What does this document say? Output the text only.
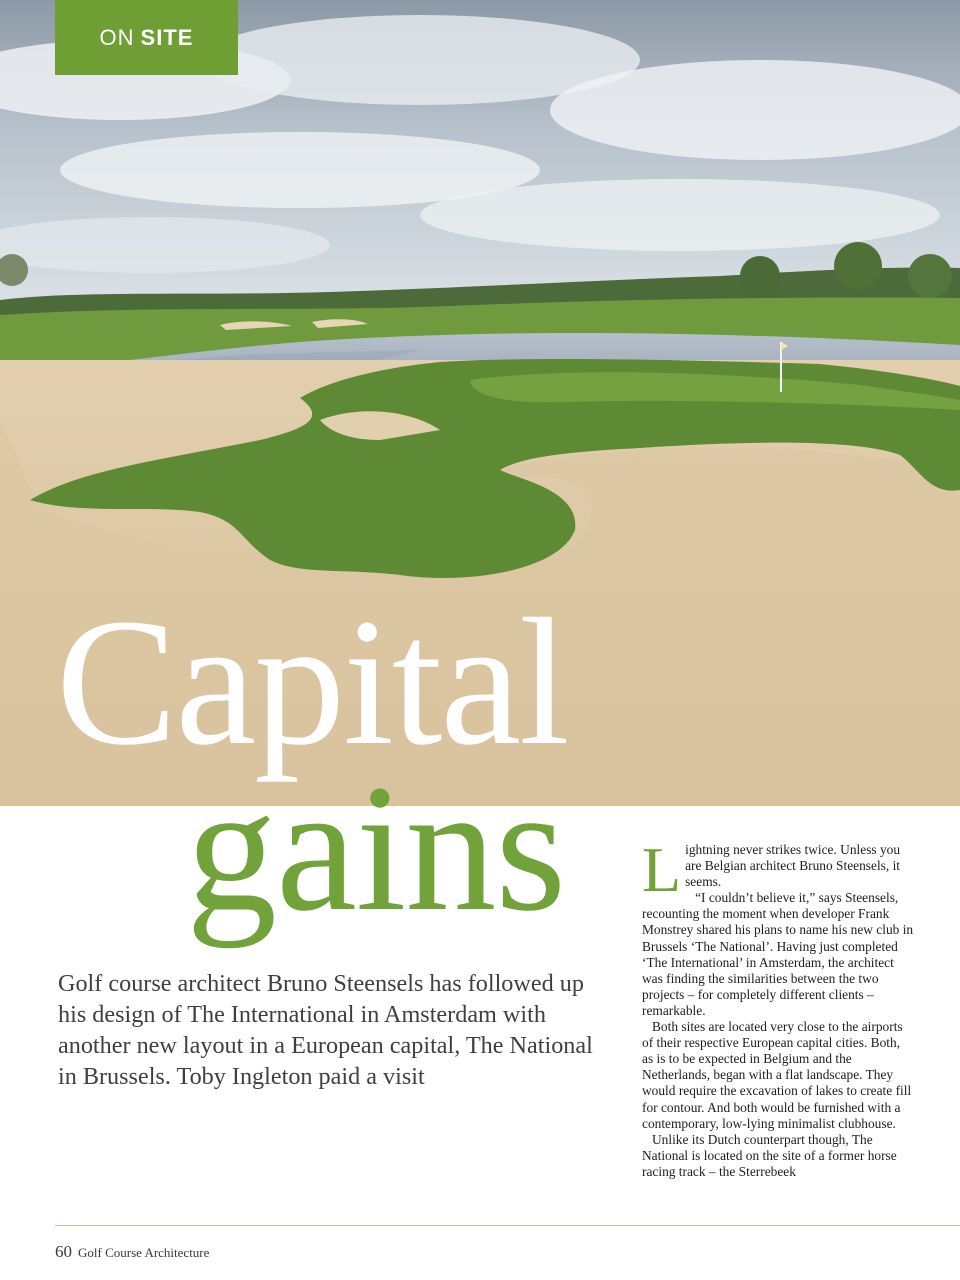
ON SITE
Capital
gains
Golf course architect Bruno Steensels has followed up his design of The International in Amsterdam with another new layout in a European capital, The National in Brussels. Toby Ingleton paid a visit

Lightning never strikes twice. Unless you are Belgian architect Bruno Steensels, it seems.

“I couldn’t believe it,” says Steensels, recounting the moment when developer Frank Monstrey shared his plans to name his new club in Brussels ‘The National’. Having just completed ‘The International’ in Amsterdam, the architect was finding the similarities between the two projects – for completely different clients – remarkable.

Both sites are located very close to the airports of their respective European capital cities. Both, as is to be expected in Belgium and the Netherlands, began with a flat landscape. They would require the excavation of lakes to create fill for contour. And both would be furnished with a contemporary, low-lying minimalist clubhouse.

Unlike its Dutch counterpart though, The National is located on the site of a former horse racing track – the Sterrebeek

60 Golf Course Architecture
